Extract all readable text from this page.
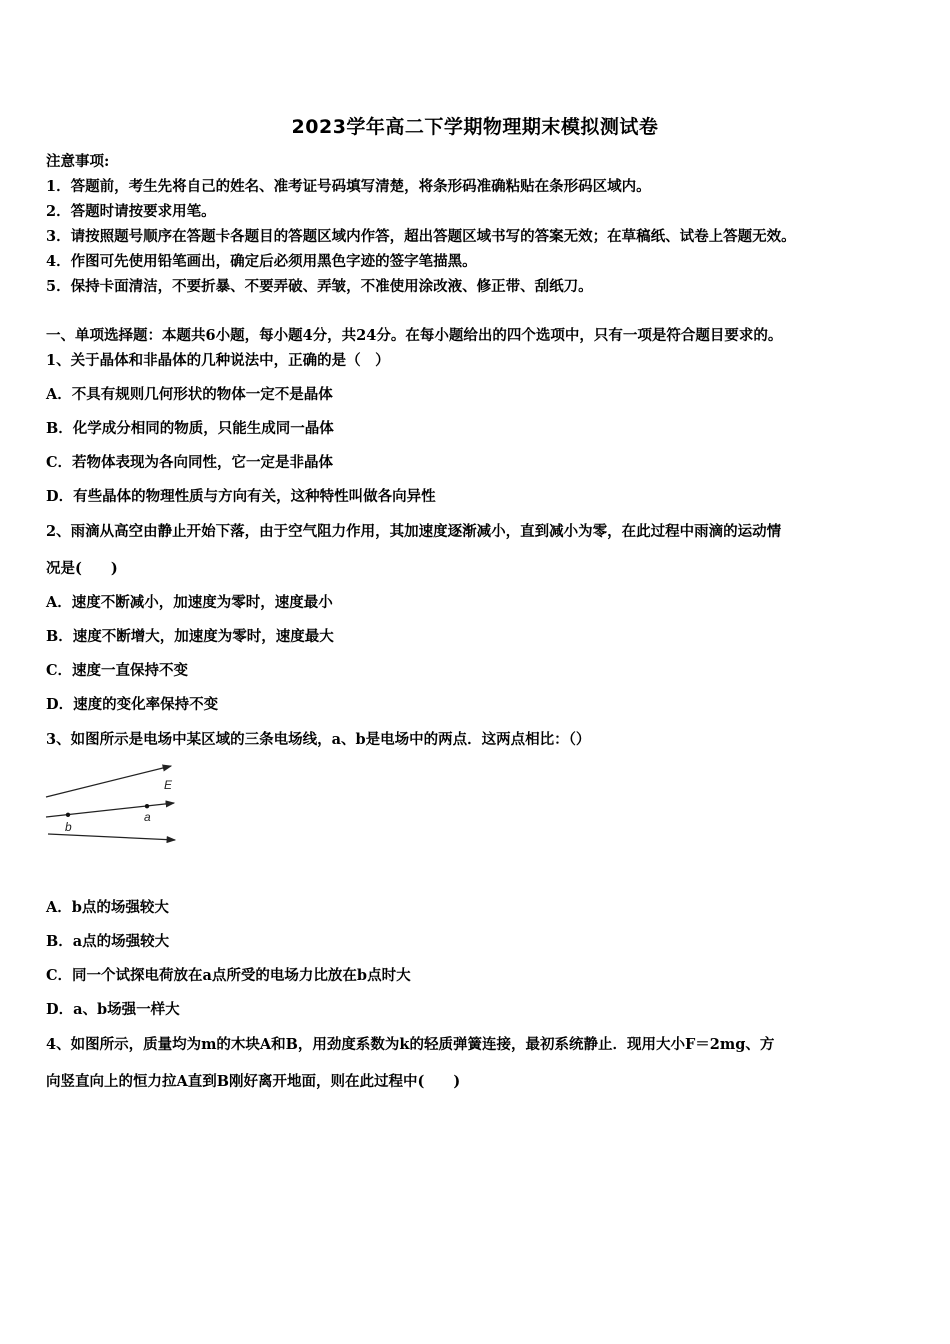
2023学年高二下学期物理期末模拟测试卷
注意事项:
1．答题前，考生先将自己的姓名、准考证号码填写清楚，将条形码准确粘贴在条形码区域内。
2．答题时请按要求用笔。
3．请按照题号顺序在答题卡各题目的答题区域内作答，超出答题区域书写的答案无效；在草稿纸、试卷上答题无效。
4．作图可先使用铅笔画出，确定后必须用黑色字迹的签字笔描黑。
5．保持卡面清洁，不要折暴、不要弄破、弄皱，不准使用涂改液、修正带、刮纸刀。
一、单项选择题：本题共6小题，每小题4分，共24分。在每小题给出的四个选项中，只有一项是符合题目要求的。
1、关于晶体和非晶体的几种说法中，正确的是（　）
A．不具有规则几何形状的物体一定不是晶体
B．化学成分相同的物质，只能生成同一晶体
C．若物体表现为各向同性，它一定是非晶体
D．有些晶体的物理性质与方向有关，这种特性叫做各向异性
2、雨滴从高空由静止开始下落，由于空气阻力作用，其加速度逐渐减小，直到减小为零，在此过程中雨滴的运动情
况是(　　)
A．速度不断减小，加速度为零时，速度最小
B．速度不断增大，加速度为零时，速度最大
C．速度一直保持不变
D．速度的变化率保持不变
3、如图所示是电场中某区域的三条电场线，a、b是电场中的两点．这两点相比：（）
E
a
b
A．b点的场强较大
B．a点的场强较大
C．同一个试探电荷放在a点所受的电场力比放在b点时大
D．a、b场强一样大
4、如图所示，质量均为m的木块A和B，用劲度系数为k的轻质弹簧连接，最初系统静止．现用大小F＝2mg、方
向竖直向上的恒力拉A直到B刚好离开地面，则在此过程中(　　)
